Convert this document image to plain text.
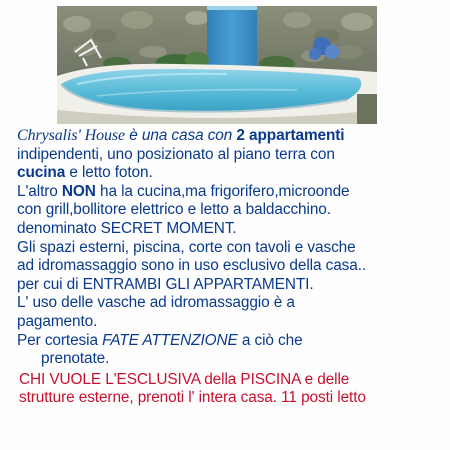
Chrysalis' House è una casa con 2 appartamenti
indipendenti, uno posizionato al piano terra con
cucina e letto foton.
L'altro NON ha la cucina,ma frigorifero,microonde
con grill,bollitore elettrico e letto a baldacchino.
denominato SECRET MOMENT.
Gli spazi esterni, piscina, corte con tavoli e vasche
ad idromassaggio sono in uso esclusivo della casa..
per cui di ENTRAMBI GLI APPARTAMENTI.
L' uso delle vasche ad idromassaggio è a
pagamento.
Per cortesia FATE ATTENZIONE a ciò che
prenotate.
CHI VUOLE L'ESCLUSIVA della PISCINA e delle
strutture esterne, prenoti l' intera casa. 11 posti letto
